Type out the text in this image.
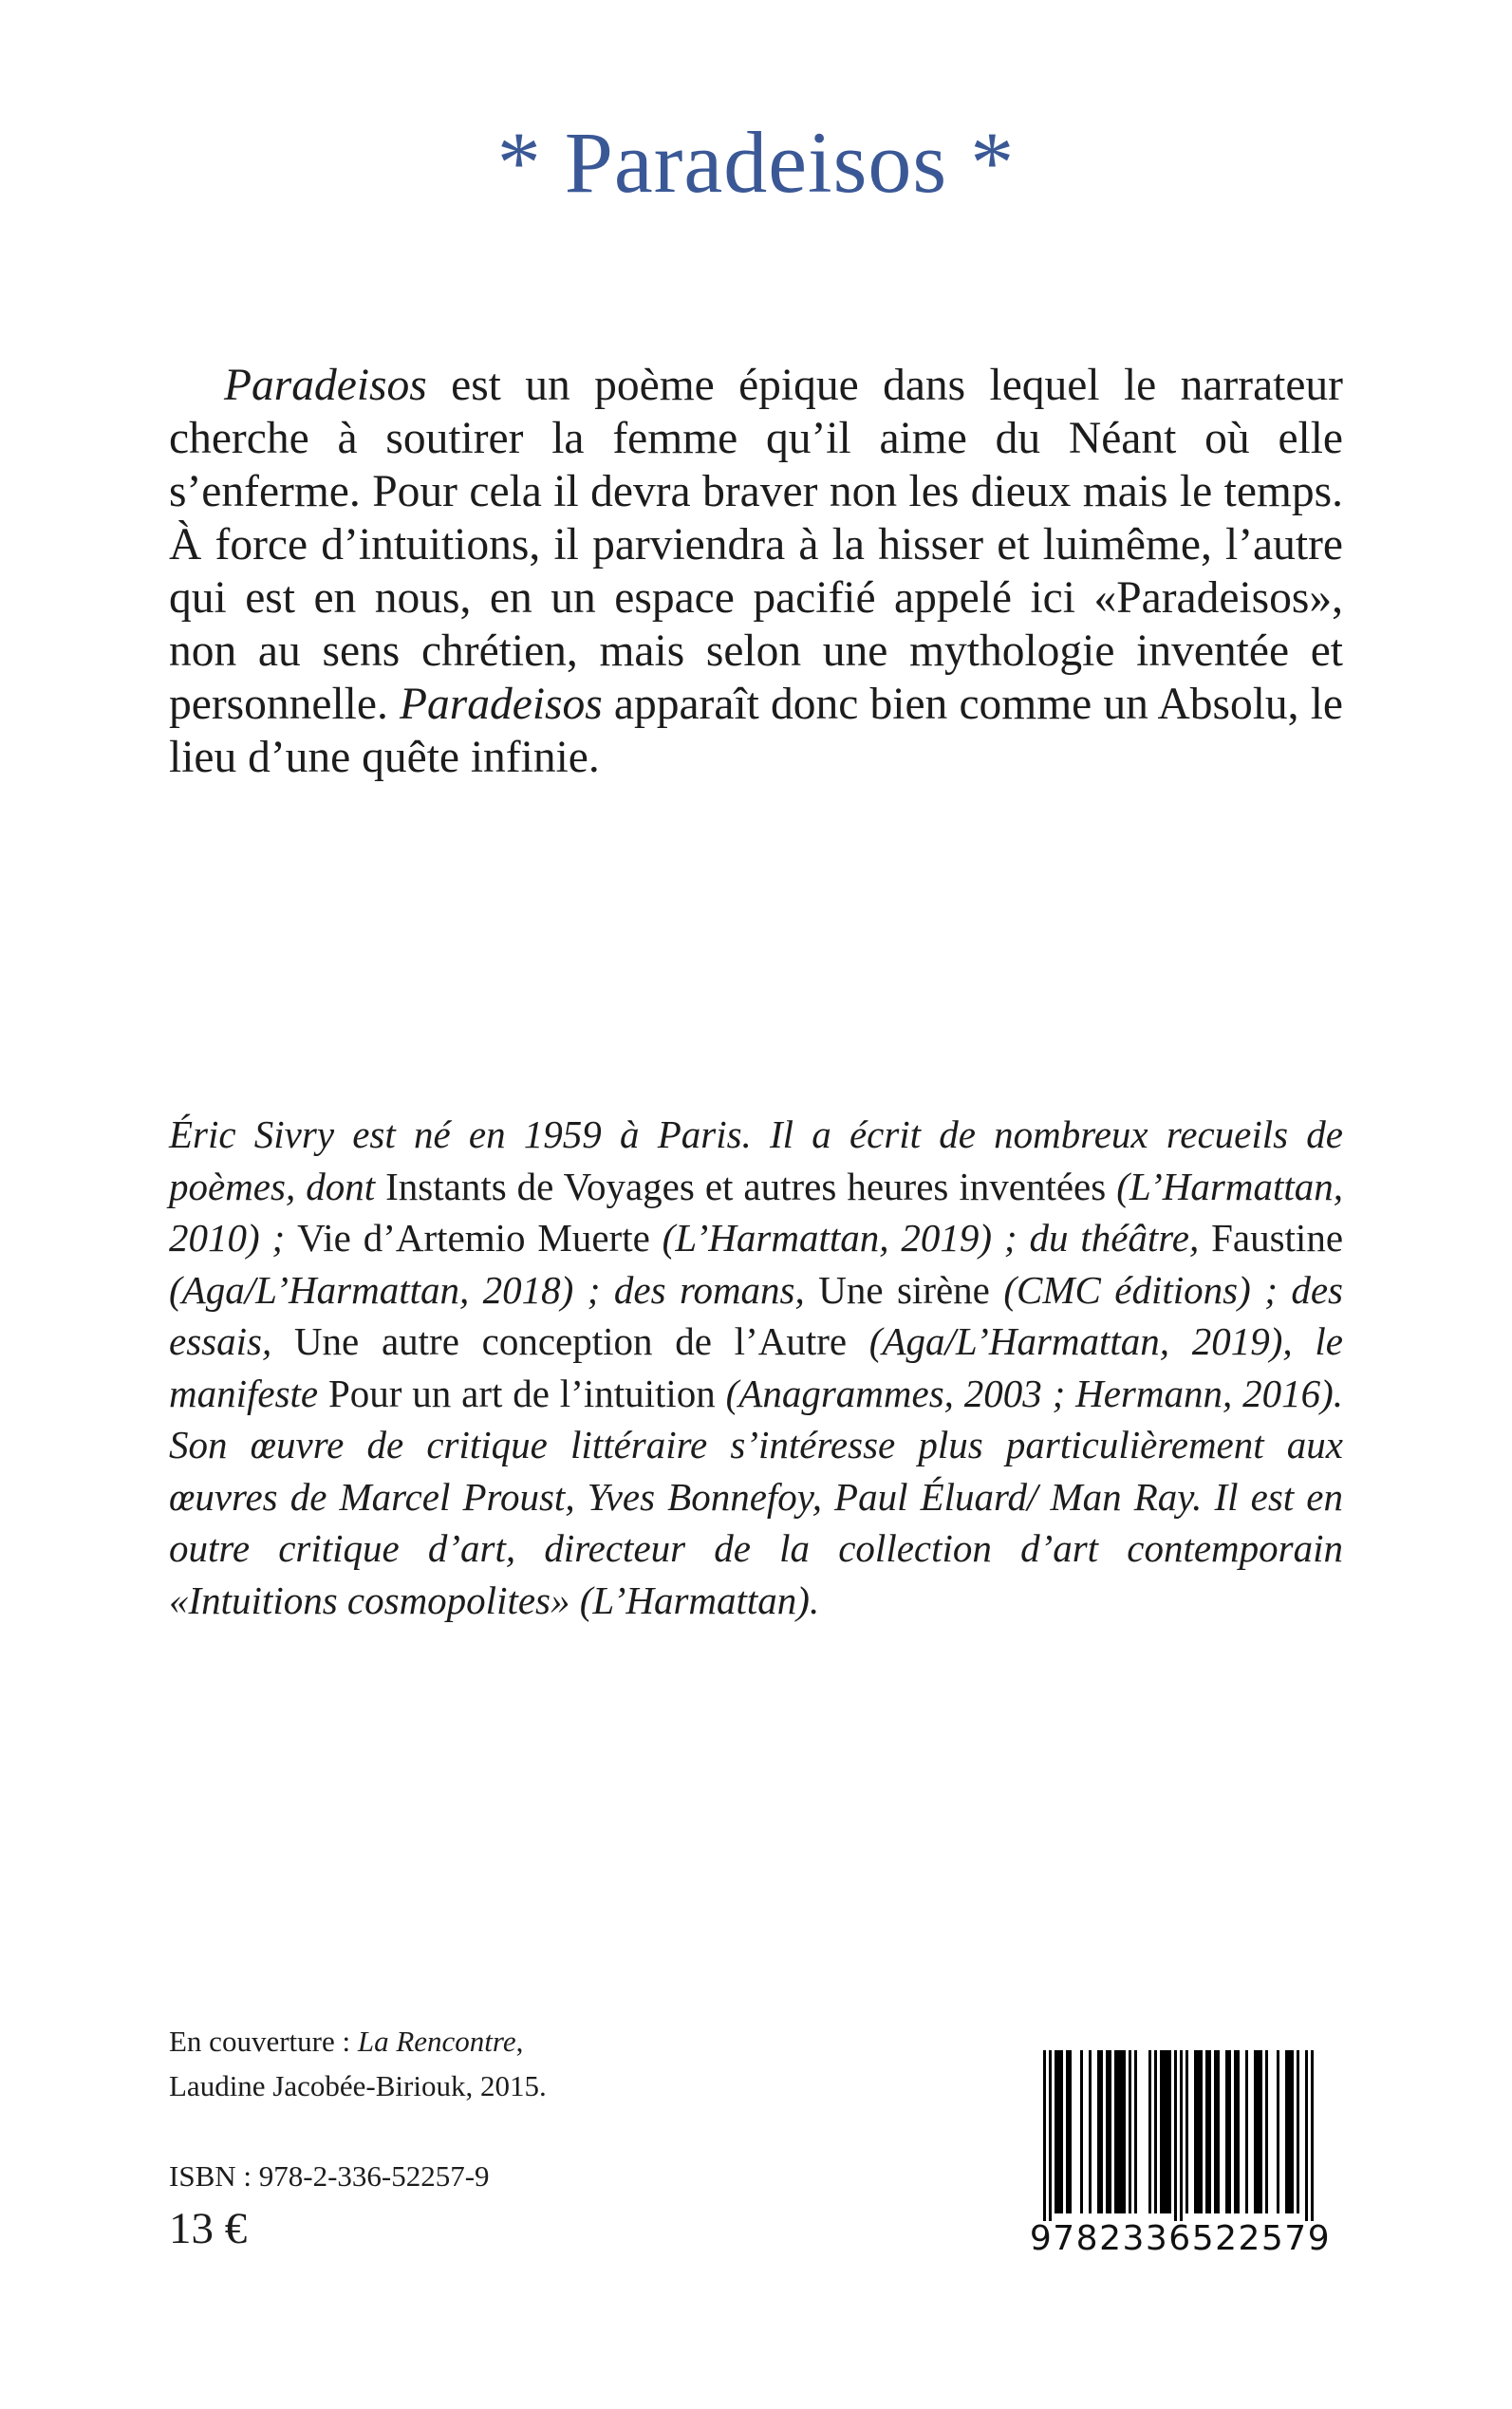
* Paradeisos *

Paradeisos est un poème épique dans lequel le narrateur cherche à soutirer la femme qu’il aime du Néant où elle s’enferme. Pour cela il devra braver non les dieux mais le temps. À force d’intuitions, il parviendra à la hisser et luimême, l’autre qui est en nous, en un espace pacifié appelé ici «Paradeisos», non au sens chrétien, mais selon une mythologie inventée et personnelle. Paradeisos apparaît donc bien comme un Absolu, le lieu d’une quête infinie.

Éric Sivry est né en 1959 à Paris. Il a écrit de nombreux recueils de poèmes, dont Instants de Voyages et autres heures inventées (L’Harmattan, 2010) ; Vie d’Artemio Muerte (L’Harmattan, 2019) ; du théâtre, Faustine (Aga/L’Harmattan, 2018) ; des romans, Une sirène (CMC éditions) ; des essais, Une autre conception de l’Autre (Aga/L’Harmattan, 2019), le manifeste Pour un art de l’intuition (Anagrammes, 2003 ; Hermann, 2016). Son œuvre de critique littéraire s’intéresse plus particulièrement aux œuvres de Marcel Proust, Yves Bonnefoy, Paul Éluard/ Man Ray. Il est en outre critique d’art, directeur de la collection d’art contemporain «Intuitions cosmopolites» (L’Harmattan).

En couverture : La Rencontre,
Laudine Jacobée-Biriouk, 2015.
ISBN : 978-2-336-52257-9
13 €	9782336522579
